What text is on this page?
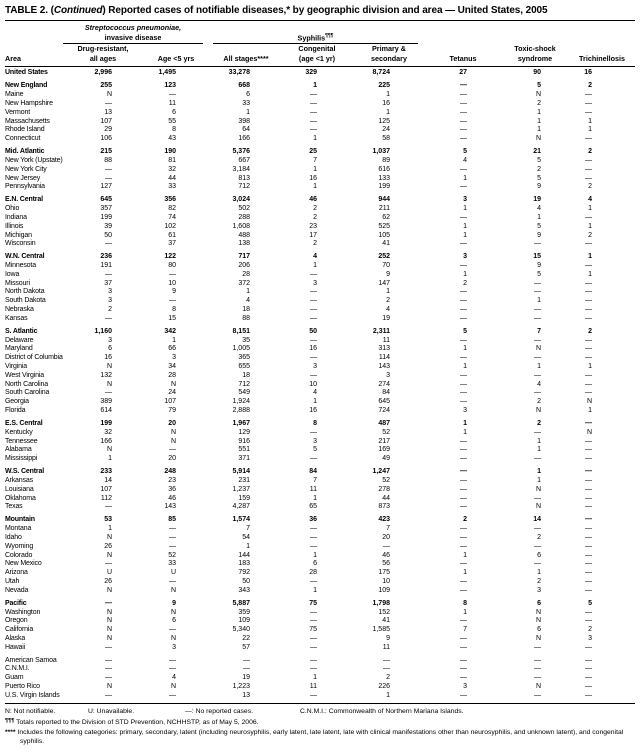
TABLE 2. (Continued) Reported cases of notifiable diseases,* by geographic division and area — United States, 2005
Streptococcus pneumoniae,
invasive disease	Syphilis¶¶¶
Drug-resistant,	Congenital	Primary &	Toxic-shock
Area	all ages	Age <5 yrs	All stages****	(age <1 yr)	secondary	Tetanus	syndrome	Trichinellosis
United States	2,996	1,495	33,278	329	8,724	27	90	16
New England	255	123	668	1	225	—	5	2
Maine	N	—	6	—	1	—	N	—
New Hampshire	—	11	33	—	16	—	2	—
Vermont	13	6	1	—	1	—	1	—
Massachusetts	107	55	398	—	125	—	1	1
Rhode Island	29	8	64	—	24	—	1	1
Connecticut	106	43	166	1	58	—	N	—
Mid. Atlantic	215	190	5,376	25	1,037	5	21	2
New York (Upstate)	88	81	667	7	89	4	5	—
New York City	—	32	3,184	1	616	—	2	—
New Jersey	—	44	813	16	133	1	5	—
Pennsylvania	127	33	712	1	199	—	9	2
E.N. Central	645	356	3,024	46	944	3	19	4
Ohio	357	82	502	2	211	1	4	1
Indiana	199	74	288	2	62	—	1	—
Illinois	39	102	1,608	23	525	1	5	1
Michigan	50	61	488	17	105	1	9	2
Wisconsin	—	37	138	2	41	—	—	—
W.N. Central	236	122	717	4	252	3	15	1
Minnesota	191	80	206	1	70	—	9	—
Iowa	—	—	28	—	9	1	5	1
Missouri	37	10	372	3	147	2	—	—
North Dakota	3	9	1	—	1	—	—	—
South Dakota	3	—	4	—	2	—	1	—
Nebraska	2	8	18	—	4	—	—	—
Kansas	—	15	88	—	19	—	—	—
S. Atlantic	1,160	342	8,151	50	2,311	5	7	2
Delaware	3	1	35	—	11	—	—	—
Maryland	6	66	1,005	16	313	1	N	—
District of Columbia	16	3	365	—	114	—	—	—
Virginia	N	34	655	3	143	1	1	1
West Virginia	132	28	18	—	3	—	—	—
North Carolina	N	N	712	10	274	—	4	—
South Carolina	—	24	549	4	84	—	—	—
Georgia	389	107	1,924	1	645	—	2	N
Florida	614	79	2,888	16	724	3	N	1
E.S. Central	199	20	1,967	8	487	1	2	—
Kentucky	32	N	129	—	52	1	—	N
Tennessee	166	N	916	3	217	—	1	—
Alabama	N	—	551	5	169	—	1	—
Mississippi	1	20	371	—	49	—	—	—
W.S. Central	233	248	5,914	84	1,247	—	1	—
Arkansas	14	23	231	7	52	—	1	—
Louisiana	107	36	1,237	11	278	—	N	—
Oklahoma	112	46	159	1	44	—	—	—
Texas	—	143	4,287	65	873	—	N	—
Mountain	53	85	1,574	36	423	2	14	—
Montana	1	—	7	—	7	—	—	—
Idaho	N	—	54	—	20	—	2	—
Wyoming	26	—	1	—	—	—	—	—
Colorado	N	52	144	1	46	1	6	—
New Mexico	—	33	183	6	56	—	—	—
Arizona	U	U	792	28	175	1	1	—
Utah	26	—	50	—	10	—	2	—
Nevada	N	N	343	1	109	—	3	—
Pacific	—	9	5,887	75	1,798	8	6	5
Washington	N	N	359	—	152	1	N	—
Oregon	N	6	109	—	41	—	N	—
California	N	—	5,340	75	1,585	7	6	2
Alaska	N	N	22	—	9	—	N	3
Hawaii	—	3	57	—	11	—	—	—
American Samoa	—	—	—	—	—	—	—	—
C.N.M.I.	—	—	—	—	—	—	—	—
Guam	—	4	19	1	2	—	—	—
Puerto Rico	N	N	1,223	11	226	3	N	—
U.S. Virgin Islands	—	—	13	—	1	—	—	—
N: Not notifiable.	U: Unavailable.	—: No reported cases.	C.N.M.I.: Commonwealth of Northern Mariana Islands.
¶¶¶ Totals reported to the Division of STD Prevention, NCHHSTP, as of May 5, 2006.
**** Includes the following categories: primary, secondary, latent (including neurosyphilis, early latent, late latent, late with clinical manifestations other than neurosyphilis, and unknown latent), and congenital syphilis.
